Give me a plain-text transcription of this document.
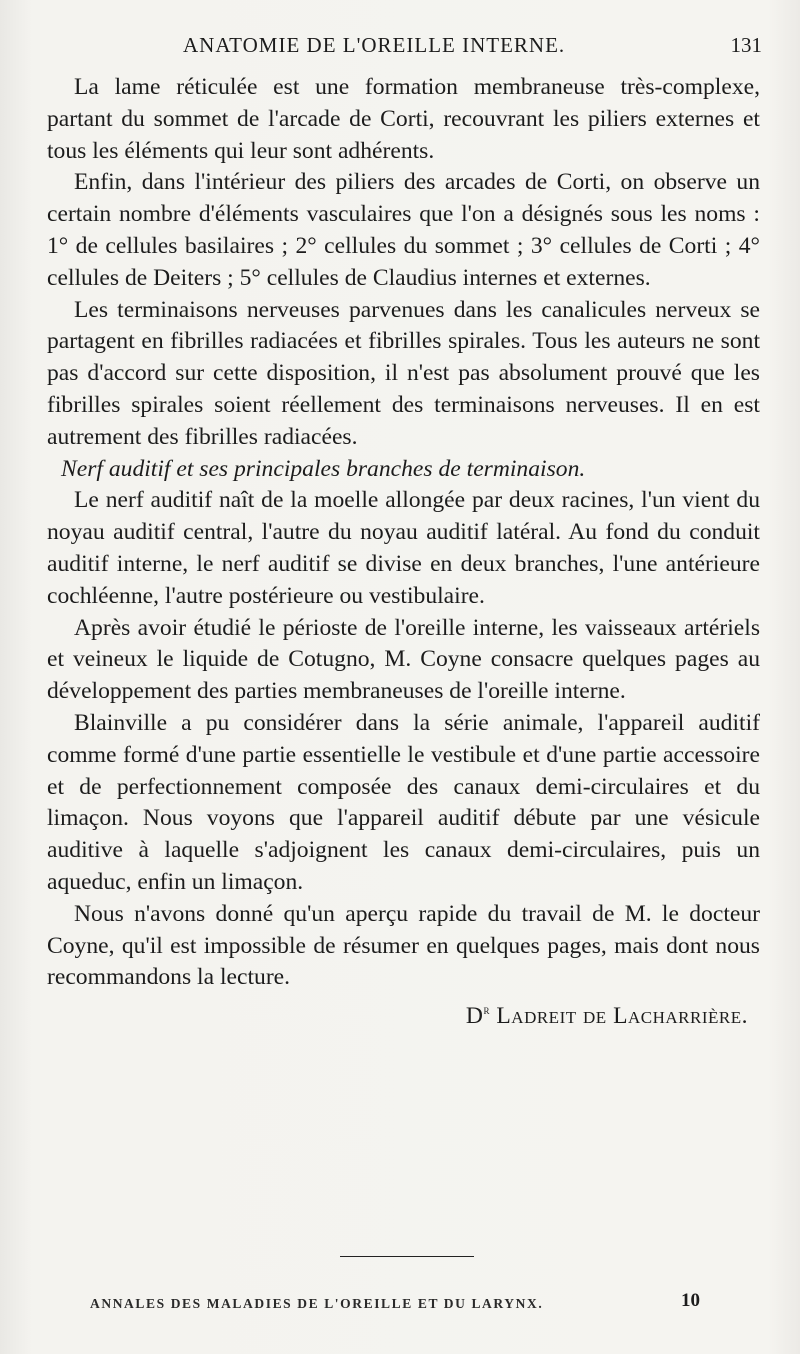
ANATOMIE DE L'OREILLE INTERNE.	131

La lame réticulée est une formation membraneuse très-complexe, partant du sommet de l'arcade de Corti, recouvrant les piliers externes et tous les éléments qui leur sont adhérents.

Enfin, dans l'intérieur des piliers des arcades de Corti, on observe un certain nombre d'éléments vasculaires que l'on a désignés sous les noms : 1° de cellules basilaires ; 2° cellules du sommet ; 3° cellules de Corti ; 4° cellules de Deiters ; 5° cellules de Claudius internes et externes.

Les terminaisons nerveuses parvenues dans les canalicules nerveux se partagent en fibrilles radiacées et fibrilles spirales. Tous les auteurs ne sont pas d'accord sur cette disposition, il n'est pas absolument prouvé que les fibrilles spirales soient réellement des terminaisons nerveuses. Il en est autrement des fibrilles radiacées.

Nerf auditif et ses principales branches de terminaison.

Le nerf auditif naît de la moelle allongée par deux racines, l'un vient du noyau auditif central, l'autre du noyau auditif latéral. Au fond du conduit auditif interne, le nerf auditif se divise en deux branches, l'une antérieure cochléenne, l'autre postérieure ou vestibulaire.

Après avoir étudié le périoste de l'oreille interne, les vaisseaux artériels et veineux le liquide de Cotugno, M. Coyne consacre quelques pages au développement des parties membraneuses de l'oreille interne.

Blainville a pu considérer dans la série animale, l'appareil auditif comme formé d'une partie essentielle le vestibule et d'une partie accessoire et de perfectionnement composée des canaux demi-circulaires et du limaçon. Nous voyons que l'appareil auditif débute par une vésicule auditive à laquelle s'adjoignent les canaux demi-circulaires, puis un aqueduc, enfin un limaçon.

Nous n'avons donné qu'un aperçu rapide du travail de M. le docteur Coyne, qu'il est impossible de résumer en quelques pages, mais dont nous recommandons la lecture.

$D^r$ Ladreit de Lacharrière.

ANNALES DES MALADIES DE L'OREILLE ET DU LARYNX.	10
